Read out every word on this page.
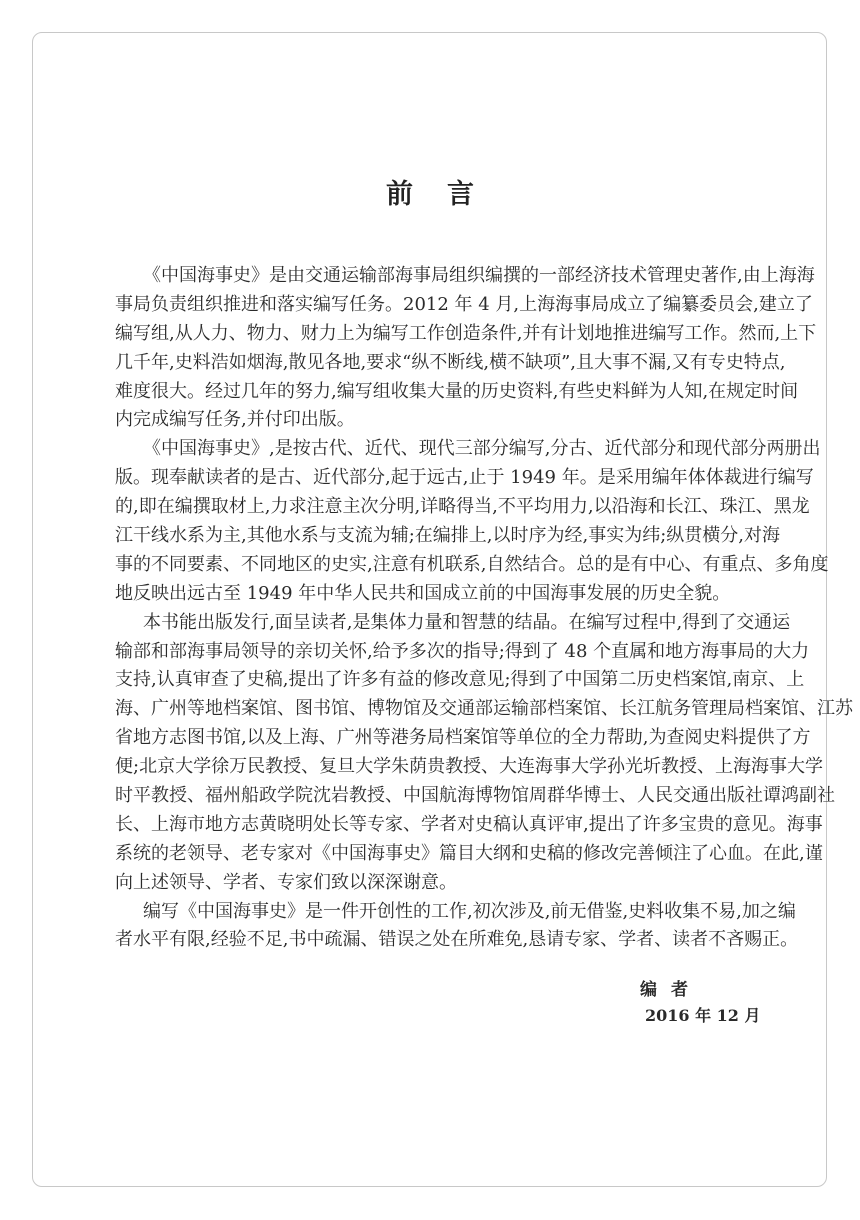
前言
《中国海事史》是由交通运输部海事局组织编撰的一部经济技术管理史著作,由上海海
事局负责组织推进和落实编写任务。2012 年 4 月,上海海事局成立了编纂委员会,建立了
编写组,从人力、物力、财力上为编写工作创造条件,并有计划地推进编写工作。然而,上下
几千年,史料浩如烟海,散见各地,要求“纵不断线,横不缺项”,且大事不漏,又有专史特点,
难度很大。经过几年的努力,编写组收集大量的历史资料,有些史料鲜为人知,在规定时间
内完成编写任务,并付印出版。
《中国海事史》,是按古代、近代、现代三部分编写,分古、近代部分和现代部分两册出
版。现奉献读者的是古、近代部分,起于远古,止于 1949 年。是采用编年体体裁进行编写
的,即在编撰取材上,力求注意主次分明,详略得当,不平均用力,以沿海和长江、珠江、黑龙
江干线水系为主,其他水系与支流为辅;在编排上,以时序为经,事实为纬;纵贯横分,对海
事的不同要素、不同地区的史实,注意有机联系,自然结合。总的是有中心、有重点、多角度
地反映出远古至 1949 年中华人民共和国成立前的中国海事发展的历史全貌。
本书能出版发行,面呈读者,是集体力量和智慧的结晶。在编写过程中,得到了交通运
输部和部海事局领导的亲切关怀,给予多次的指导;得到了 48 个直属和地方海事局的大力
支持,认真审查了史稿,提出了许多有益的修改意见;得到了中国第二历史档案馆,南京、上
海、广州等地档案馆、图书馆、博物馆及交通部运输部档案馆、长江航务管理局档案馆、江苏
省地方志图书馆,以及上海、广州等港务局档案馆等单位的全力帮助,为查阅史料提供了方
便;北京大学徐万民教授、复旦大学朱荫贵教授、大连海事大学孙光圻教授、上海海事大学
时平教授、福州船政学院沈岩教授、中国航海博物馆周群华博士、人民交通出版社谭鸿副社
长、上海市地方志黄晓明处长等专家、学者对史稿认真评审,提出了许多宝贵的意见。海事
系统的老领导、老专家对《中国海事史》篇目大纲和史稿的修改完善倾注了心血。在此,谨
向上述领导、学者、专家们致以深深谢意。
编写《中国海事史》是一件开创性的工作,初次涉及,前无借鉴,史料收集不易,加之编
者水平有限,经验不足,书中疏漏、错误之处在所难免,恳请专家、学者、读者不吝赐正。
编者
2016 年 12 月
